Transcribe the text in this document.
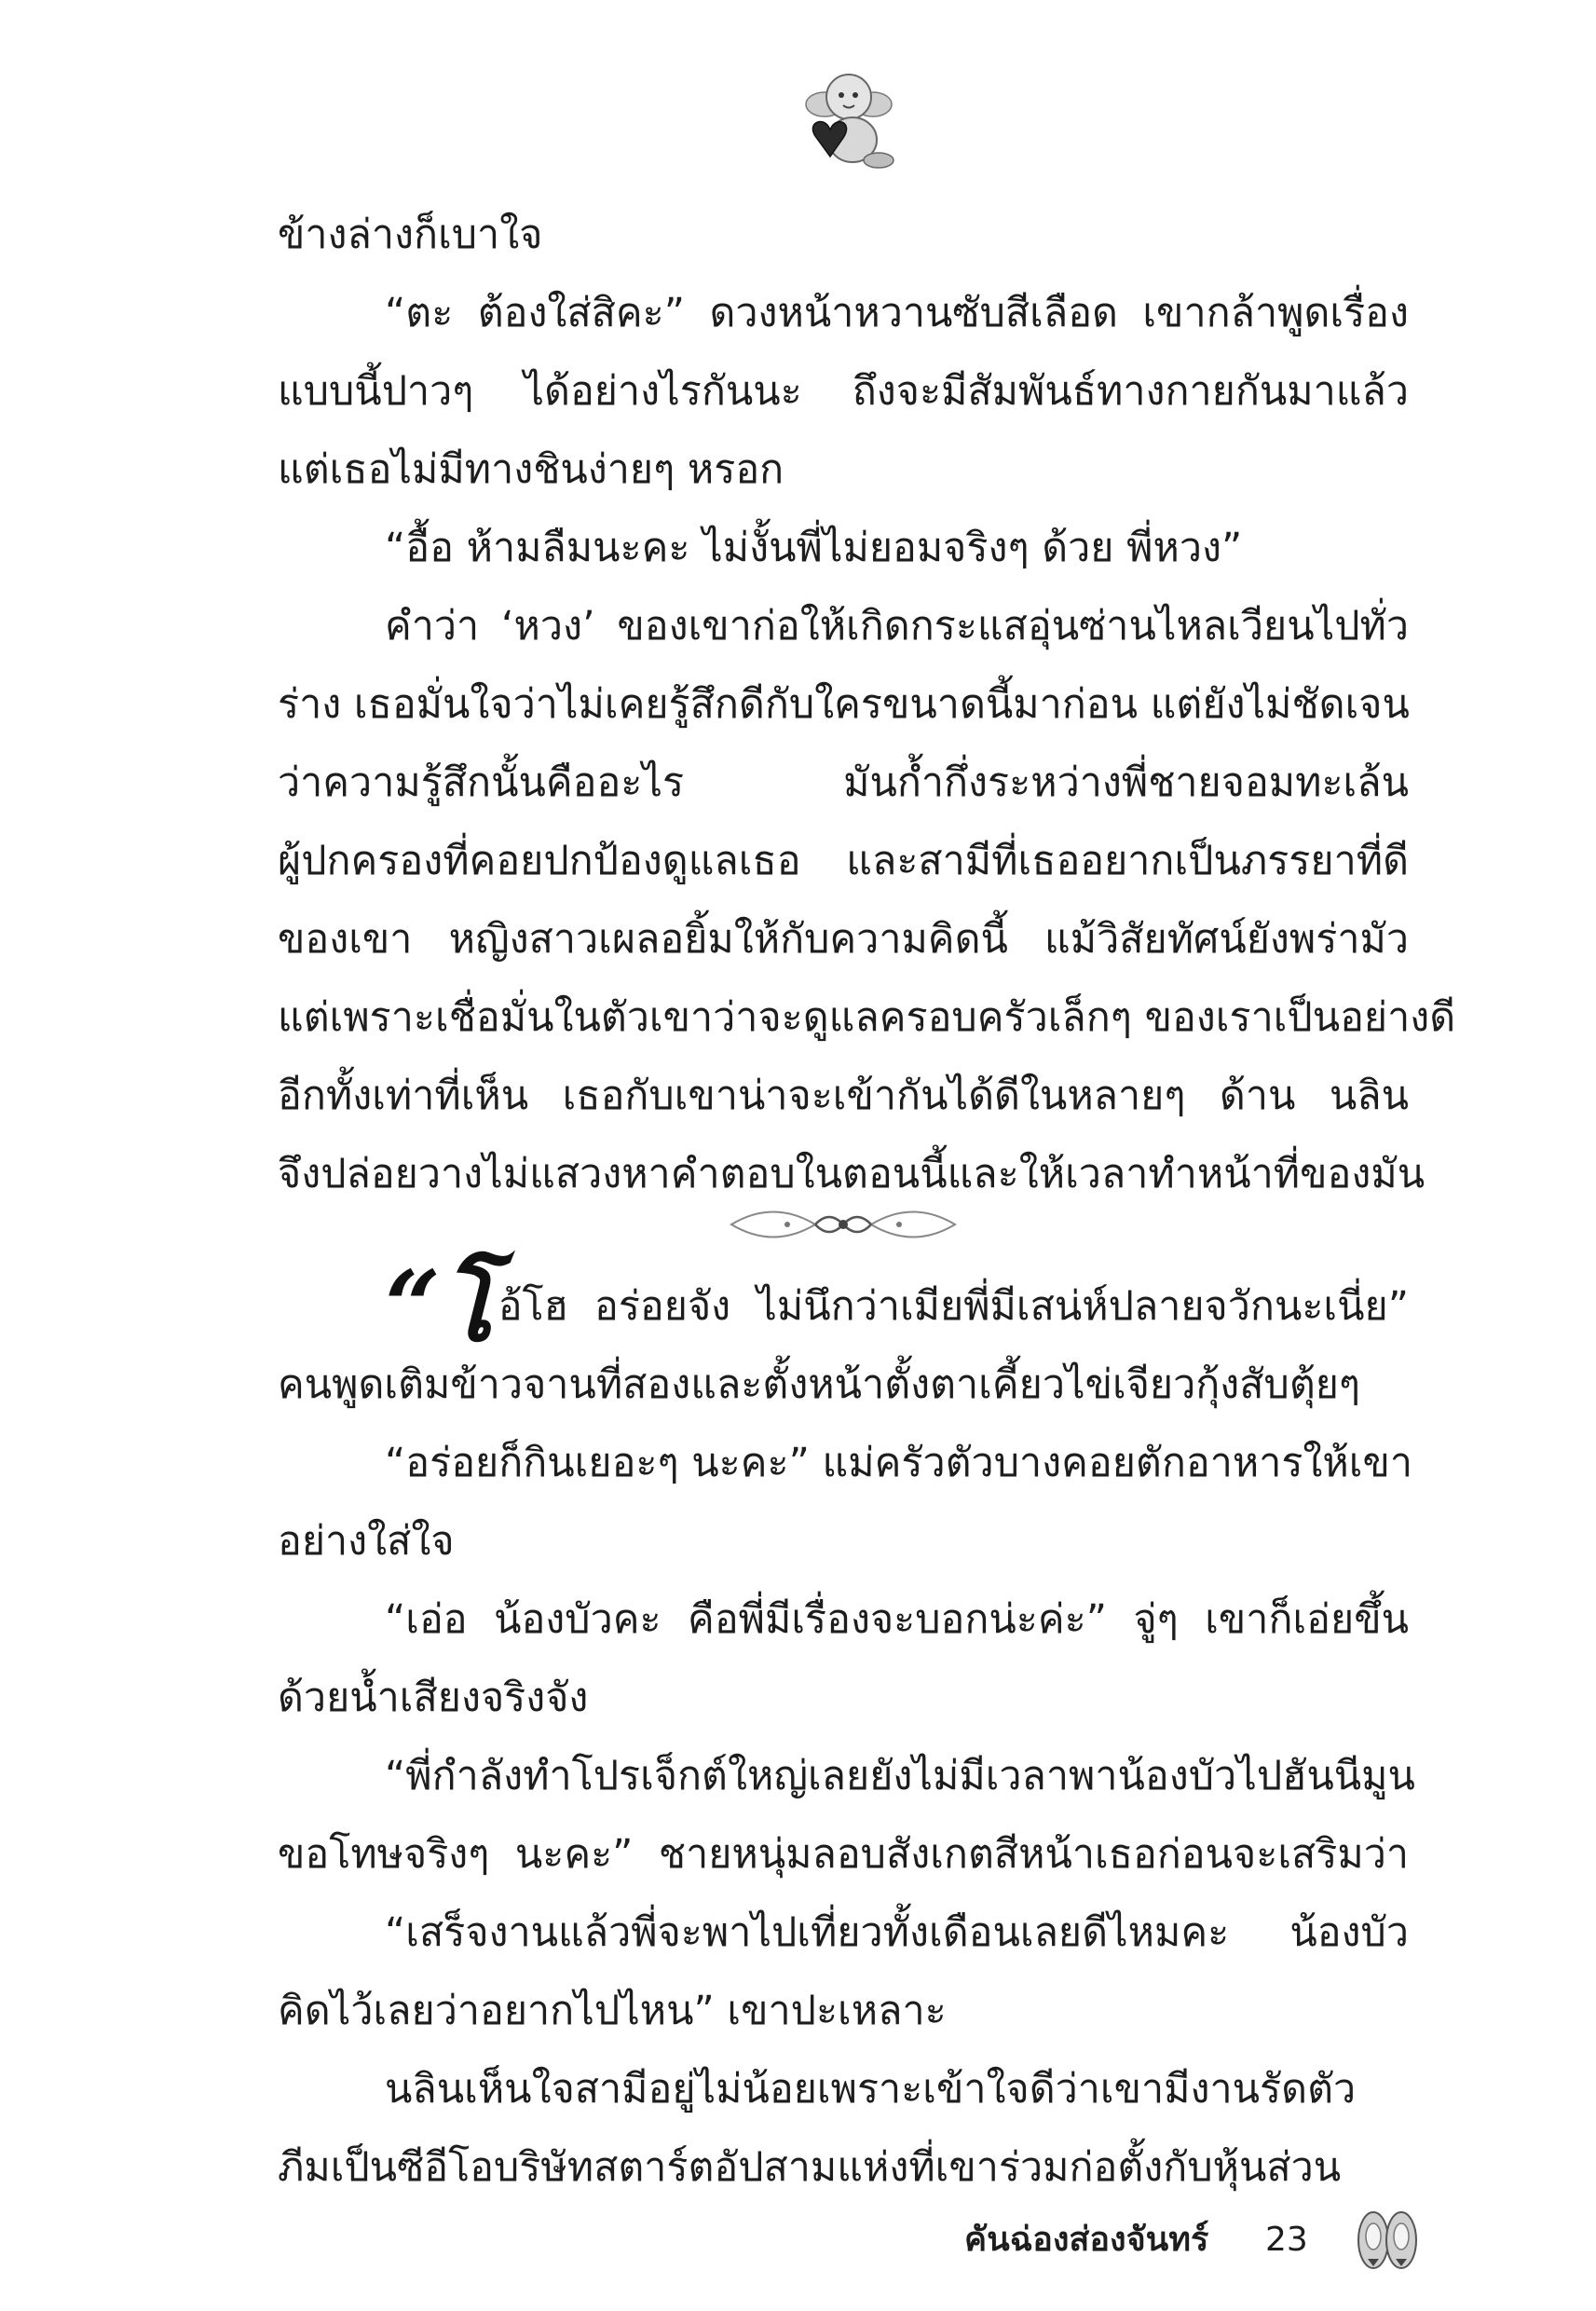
ข้างล่างก็เบาใจ
“ตะ ต้องใส่สิคะ” ดวงหน้าหวานซับสีเลือด เขากล้าพูดเรื่อง
แบบนี้ปาวๆ ได้อย่างไรกันนะ ถึงจะมีสัมพันธ์ทางกายกันมาแล้ว
แต่เธอไม่มีทางชินง่ายๆ หรอก
“อื้อ ห้ามลืมนะคะ ไม่งั้นพี่ไม่ยอมจริงๆ ด้วย พี่หวง”
คำว่า ‘หวง’ ของเขาก่อให้เกิดกระแสอุ่นซ่านไหลเวียนไปทั่ว
ร่าง เธอมั่นใจว่าไม่เคยรู้สึกดีกับใครขนาดนี้มาก่อน แต่ยังไม่ชัดเจน
ว่าความรู้สึกนั้นคืออะไร มันก้ำกึ่งระหว่างพี่ชายจอมทะเล้น
ผู้ปกครองที่คอยปกป้องดูแลเธอ และสามีที่เธออยากเป็นภรรยาที่ดี
ของเขา หญิงสาวเผลอยิ้มให้กับความคิดนี้ แม้วิสัยทัศน์ยังพร่ามัว
แต่เพราะเชื่อมั่นในตัวเขาว่าจะดูแลครอบครัวเล็กๆ ของเราเป็นอย่างดี
อีกทั้งเท่าที่เห็น เธอกับเขาน่าจะเข้ากันได้ดีในหลายๆ ด้าน นลิน
จึงปล่อยวางไม่แสวงหาคำตอบในตอนนี้และให้เวลาทำหน้าที่ของมัน
“โ อ้โฮ อร่อยจัง ไม่นึกว่าเมียพี่มีเสน่ห์ปลายจวักนะเนี่ย”
คนพูดเติมข้าวจานที่สองและตั้งหน้าตั้งตาเคี้ยวไข่เจียวกุ้งสับตุ้ยๆ
“อร่อยก็กินเยอะๆ นะคะ” แม่ครัวตัวบางคอยตักอาหารให้เขา
อย่างใส่ใจ
“เอ่อ น้องบัวคะ คือพี่มีเรื่องจะบอกน่ะค่ะ” จู่ๆ เขาก็เอ่ยขึ้น
ด้วยน้ำเสียงจริงจัง
“พี่กำลังทำโปรเจ็กต์ใหญ่เลยยังไม่มีเวลาพาน้องบัวไปฮันนีมูน
ขอโทษจริงๆ นะคะ” ชายหนุ่มลอบสังเกตสีหน้าเธอก่อนจะเสริมว่า
“เสร็จงานแล้วพี่จะพาไปเที่ยวทั้งเดือนเลยดีไหมคะ น้องบัว
คิดไว้เลยว่าอยากไปไหน” เขาปะเหลาะ
นลินเห็นใจสามีอยู่ไม่น้อยเพราะเข้าใจดีว่าเขามีงานรัดตัว
ภีมเป็นซีอีโอบริษัทสตาร์ตอัปสามแห่งที่เขาร่วมก่อตั้งกับหุ้นส่วน
คันฉ่องส่องจันทร์ 23
